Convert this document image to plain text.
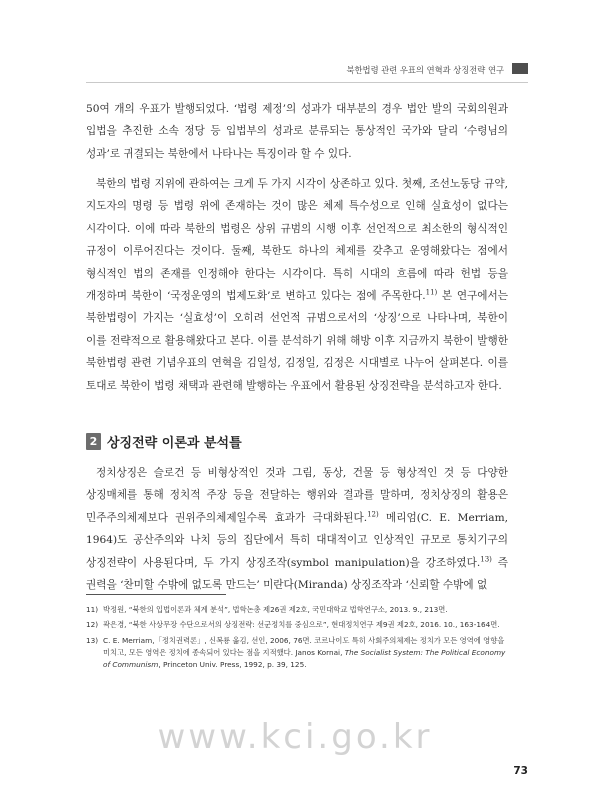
북한법령 관련 우표의 연혁과 상징전략 연구

50여 개의 우표가 발행되었다. ‘법령 제정’의 성과가 대부분의 경우 법안 발의 국회의원과 입법을 추진한 소속 정당 등 입법부의 성과로 분류되는 통상적인 국가와 달리 ‘수령님의 성과’로 귀결되는 북한에서 나타나는 특징이라 할 수 있다.

북한의 법령 지위에 관하여는 크게 두 가지 시각이 상존하고 있다. 첫째, 조선노동당 규약, 지도자의 명령 등 법령 위에 존재하는 것이 많은 체제 특수성으로 인해 실효성이 없다는 시각이다. 이에 따라 북한의 법령은 상위 규범의 시행 이후 선언적으로 최소한의 형식적인 규정이 이루어진다는 것이다. 둘째, 북한도 하나의 체제를 갖추고 운영해왔다는 점에서 형식적인 법의 존재를 인정해야 한다는 시각이다. 특히 시대의 흐름에 따라 헌법 등을 개정하며 북한이 ‘국정운영의 법제도화’로 변하고 있다는 점에 주목한다.$^{11)}$ 본 연구에서는 북한법령이 가지는 ‘실효성’이 오히려 선언적 규범으로서의 ‘상징’으로 나타나며, 북한이 이를 전략적으로 활용해왔다고 본다. 이를 분석하기 위해 해방 이후 지금까지 북한이 발행한 북한법령 관련 기념우표의 연혁을 김일성, 김정일, 김정은 시대별로 나누어 살펴본다. 이를 토대로 북한이 법령 채택과 관련해 발행하는 우표에서 활용된 상징전략을 분석하고자 한다.

2 상징전략 이론과 분석틀

정치상징은 슬로건 등 비형상적인 것과 그림, 동상, 건물 등 형상적인 것 등 다양한 상징매체를 통해 정치적 주장 등을 전달하는 행위와 결과를 말하며, 정치상징의 활용은 민주주의체제보다 권위주의체제일수록 효과가 극대화된다.$^{12)}$ 메리엄(C. E. Merriam, 1964)도 공산주의와 나치 등의 집단에서 특히 대대적이고 인상적인 규모로 통치기구의 상징전략이 사용된다며, 두 가지 상징조작(symbol manipulation)을 강조하였다.$^{13)}$ 즉 권력을 ‘찬미할 수밖에 없도록 만드는’ 미란다(Miranda) 상징조작과 ‘신뢰할 수밖에 없

11) 박정원, “북한의 입법이론과 체계 분석”, 법학논총 제26권 제2호, 국민대학교 법학연구소, 2013. 9., 213면.
12) 곽은경, “북한 사상무장 수단으로서의 상징전략: 선군정치를 중심으로”, 현대정치연구 제9권 제2호, 2016. 10., 163-164면.
13) C. E. Merriam,「정치권력론」, 신복룡 옮김, 선인, 2006, 76면. 코르나이도 특히 사회주의체제는 정치가 모든 영역에 영향을 미치고, 모든 영역은 정치에 종속되어 있다는 점을 지적했다. Janos Kornai, The Socialist System: The Political Economy of Communism, Princeton Univ. Press, 1992, p. 39, 125.
www.kci.go.kr
73
